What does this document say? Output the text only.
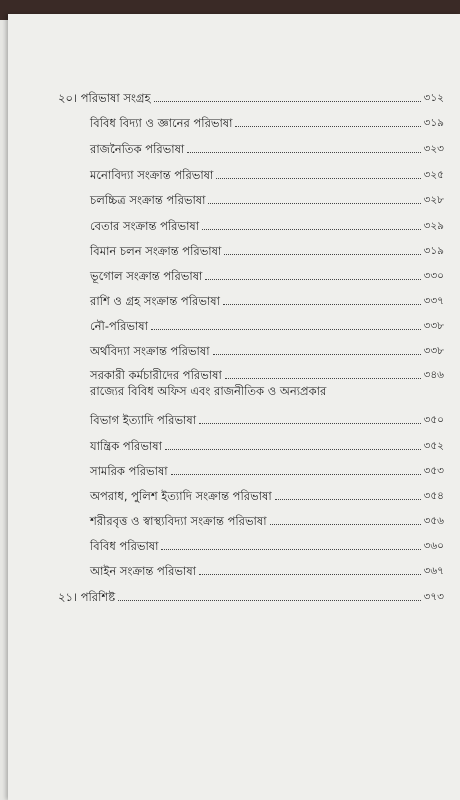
২০। পরিভাষা সংগ্রহ	৩১২
বিবিধ বিদ্যা ও জ্ঞানের পরিভাষা	৩১৯
রাজনৈতিক পরিভাষা	৩২৩
মনোবিদ্যা সংক্রান্ত পরিভাষা	৩২৫
চলচ্চিত্র সংক্রান্ত পরিভাষা	৩২৮
বেতার সংক্রান্ত পরিভাষা	৩২৯
বিমান চলন সংক্রান্ত পরিভাষা	৩১৯
ভূগোল সংক্রান্ত পরিভাষা	৩৩০
রাশি ও গ্রহ সংক্রান্ত পরিভাষা	৩৩৭
নৌ-পরিভাষা	৩৩৮
অর্থবিদ্যা সংক্রান্ত পরিভাষা	৩৩৮
সরকারী কর্মচারীদের পরিভাষা	৩৪৬
রাজ্যের বিবিধ অফিস এবং রাজনীতিক ও অন্যপ্রকার
বিভাগ ইত্যাদি পরিভাষা	৩৫০
যান্ত্রিক পরিভাষা	৩৫২
সামরিক পরিভাষা	৩৫৩
অপরাধ, পুলিশ ইত্যাদি সংক্রান্ত পরিভাষা	৩৫৪
শরীরবৃত্ত ও স্বাস্থ্যবিদ্যা সংক্রান্ত পরিভাষা	৩৫৬
বিবিধ পরিভাষা	৩৬০
আইন সংক্রান্ত পরিভাষা	৩৬৭
২১। পরিশিষ্ট	৩৭৩
